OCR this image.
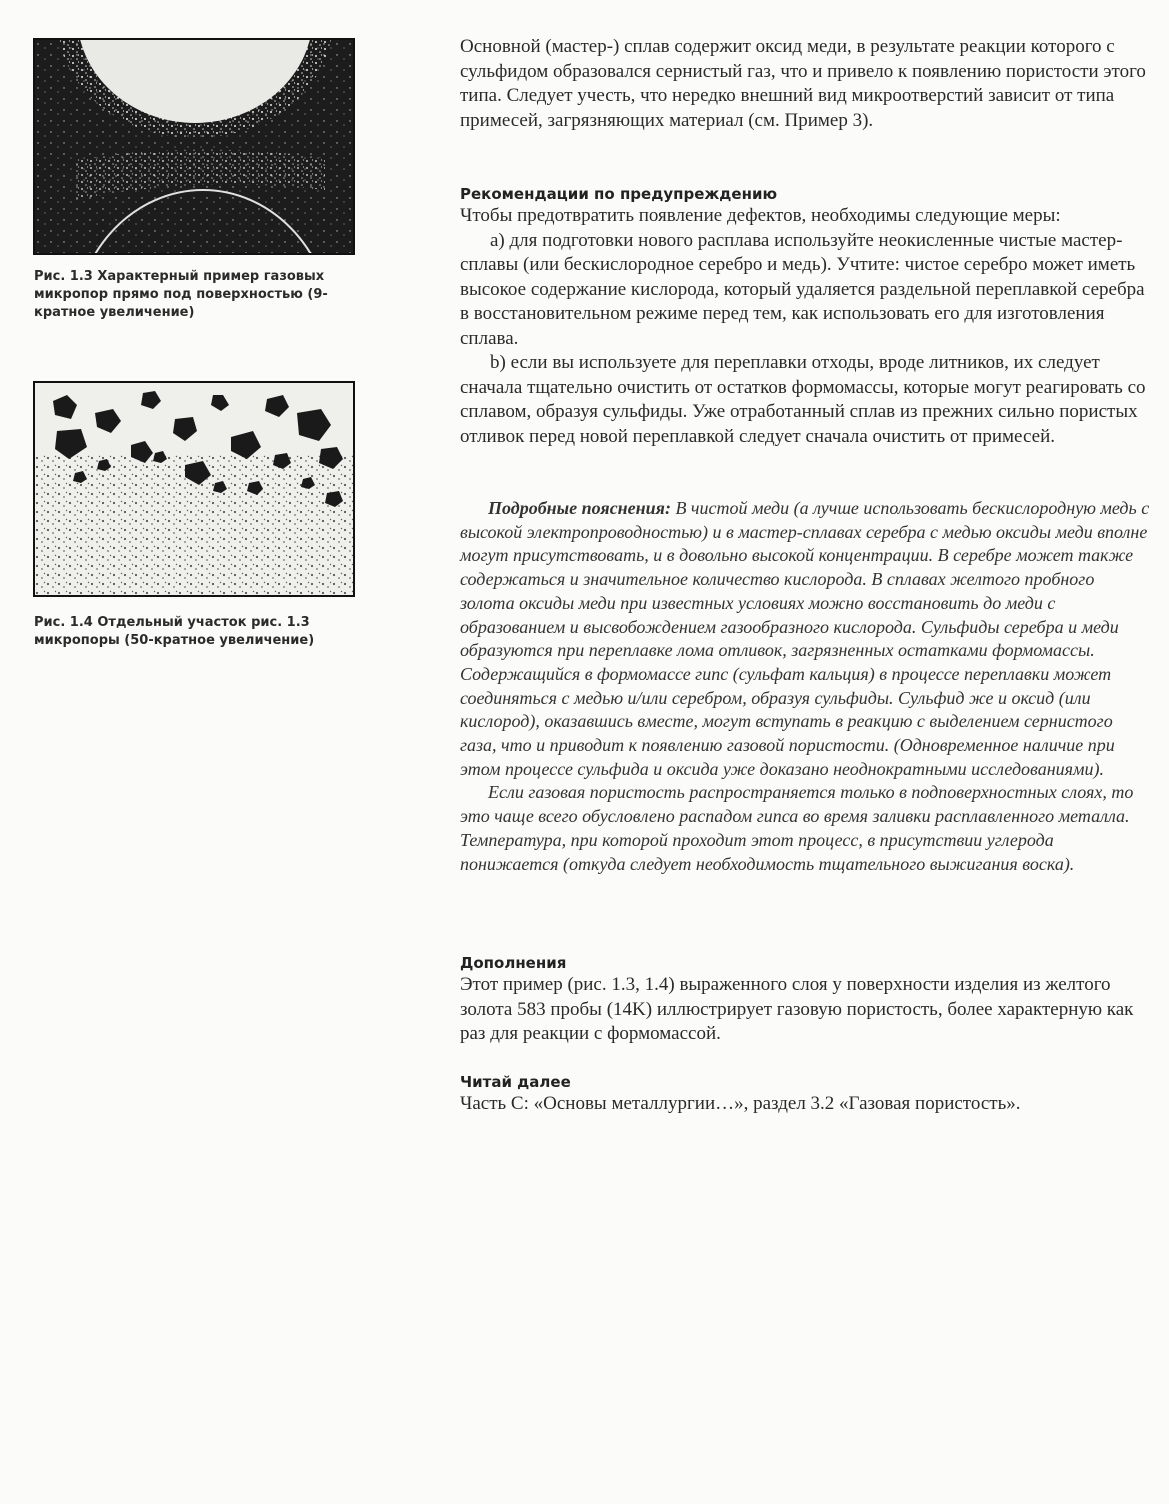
Рис. 1.3 Характерный пример газовых микропор прямо под поверхностью (9-кратное увеличение)
Рис. 1.4 Отдельный участок рис. 1.3 микропоры (50-кратное увеличение)

Основной (мастер-) сплав содержит оксид меди, в результате реакции которого с сульфидом образовался сернистый газ, что и привело к появлению пористости этого типа. Следует учесть, что нередко внешний вид микроотверстий зависит от типа примесей, загрязняющих материал (см. Пример 3).

Рекомендации по предупреждению

Чтобы предотвратить появление дефектов, необходимы следующие меры:

а) для подготовки нового расплава используйте неокисленные чистые мастер-сплавы (или бескислородное серебро и медь). Учтите: чистое серебро может иметь высокое содержание кислорода, который удаляется раздельной переплавкой серебра в восстановительном режиме перед тем, как использовать его для изготовления сплава.

b) если вы используете для переплавки отходы, вроде литников, их следует сначала тщательно очистить от остатков формомассы, которые могут реагировать со сплавом, образуя сульфиды. Уже отработанный сплав из прежних сильно пористых отливок перед новой переплавкой следует сначала очистить от примесей.

Подробные пояснения: В чистой меди (а лучше использовать бескислородную медь с высокой электропроводностью) и в мастер-сплавах серебра с медью оксиды меди вполне могут присутствовать, и в довольно высокой концентрации. В серебре может также содержаться и значительное количество кислорода. В сплавах желтого пробного золота оксиды меди при известных условиях можно восстановить до меди с образованием и высвобождением газообразного кислорода. Сульфиды серебра и меди образуются при переплавке лома отливок, загрязненных остатками формомассы. Содержащийся в формомассе гипс (сульфат кальция) в процессе переплавки может соединяться с медью и/или серебром, образуя сульфиды. Сульфид же и оксид (или кислород), оказавшись вместе, могут вступать в реакцию с выделением сернистого газа, что и приводит к появлению газовой пористости. (Одновременное наличие при этом процессе сульфида и оксида уже доказано неоднократными исследованиями).

Если газовая пористость распространяется только в подповерхностных слоях, то это чаще всего обусловлено распадом гипса во время заливки расплавленного металла. Температура, при которой проходит этот процесс, в присутствии углерода понижается (откуда следует необходимость тщательного выжигания воска).

Дополнения

Этот пример (рис. 1.3, 1.4) выраженного слоя у поверхности изделия из желтого золота 583 пробы (14K) иллюстрирует газовую пористость, более характерную как раз для реакции с формомассой.

Читай далее

Часть С: «Основы металлургии…», раздел 3.2 «Газовая пористость».
